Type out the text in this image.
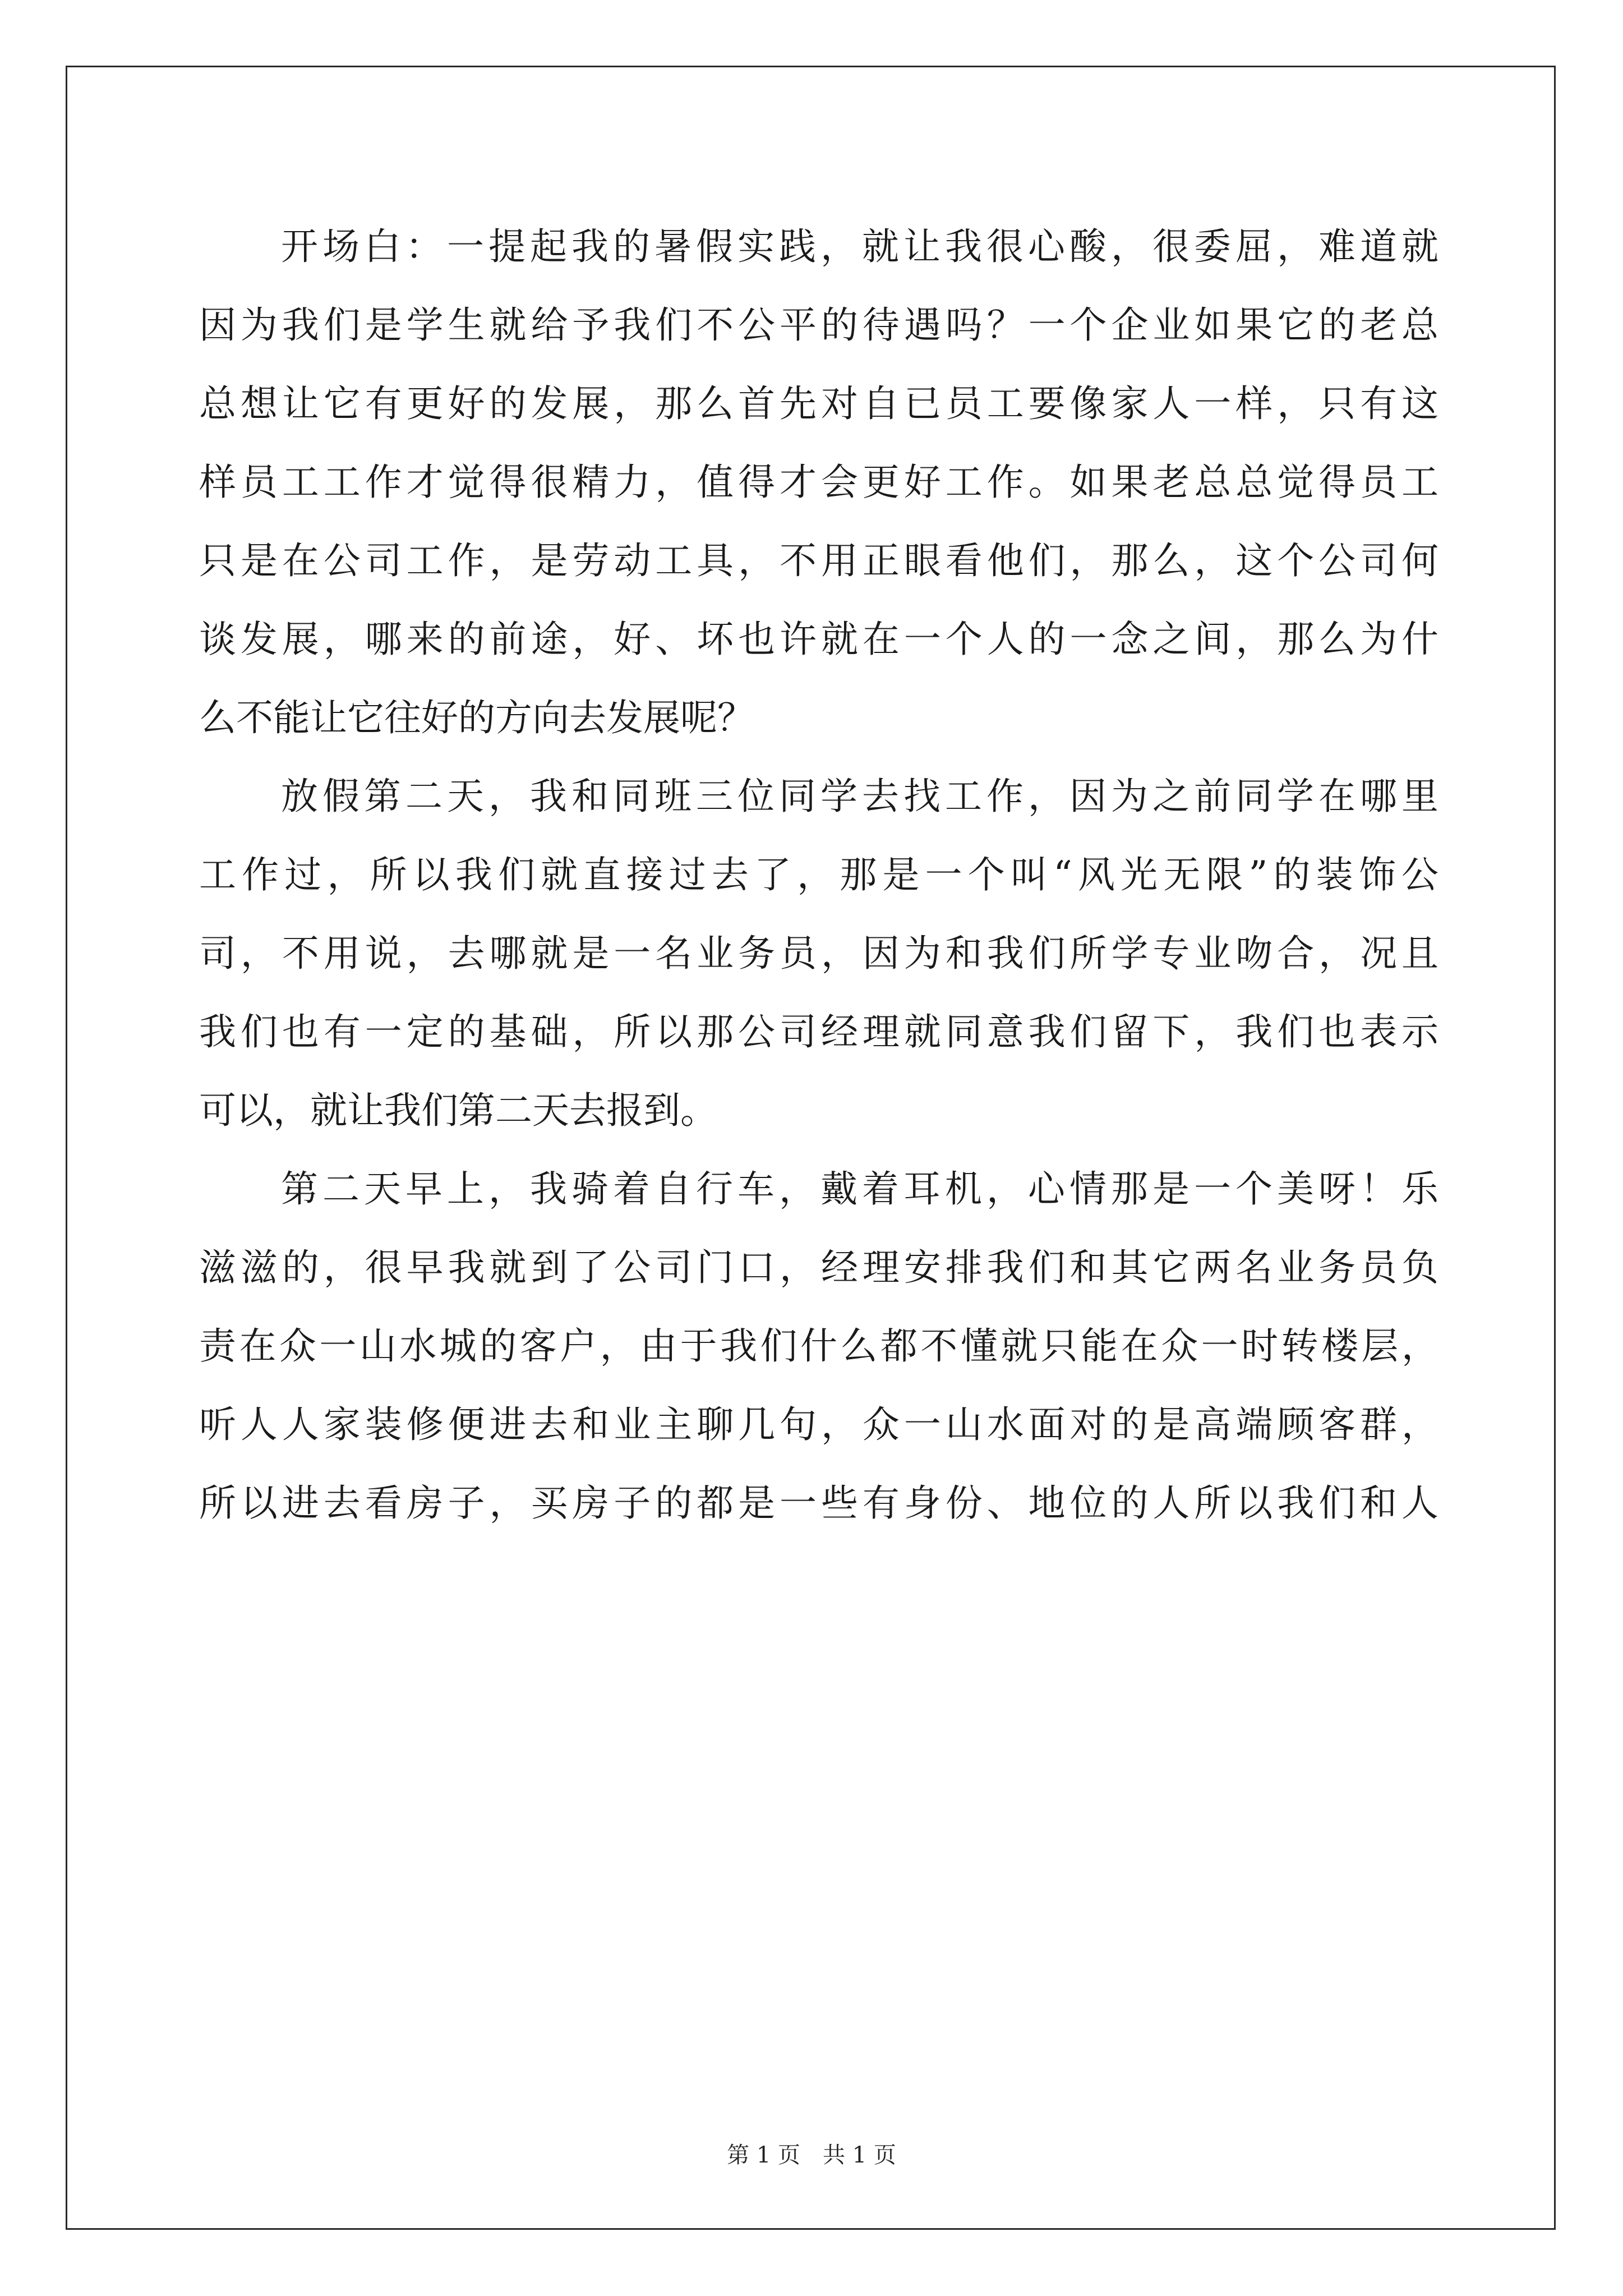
开场白：一提起我的暑假实践，就让我很心酸，很委屈，难道就
因为我们是学生就给予我们不公平的待遇吗？一个企业如果它的老总
总想让它有更好的发展，那么首先对自已员工要像家人一样，只有这
样员工工作才觉得很精力，值得才会更好工作。如果老总总觉得员工
只是在公司工作，是劳动工具，不用正眼看他们，那么，这个公司何
谈发展，哪来的前途，好、坏也许就在一个人的一念之间，那么为什
么不能让它往好的方向去发展呢？
放假第二天，我和同班三位同学去找工作，因为之前同学在哪里
工作过，所以我们就直接过去了，那是一个叫“风光无限”的装饰公
司，不用说，去哪就是一名业务员，因为和我们所学专业吻合，况且
我们也有一定的基础，所以那公司经理就同意我们留下，我们也表示
可以，就让我们第二天去报到。
第二天早上，我骑着自行车，戴着耳机，心情那是一个美呀！乐
滋滋的，很早我就到了公司门口，经理安排我们和其它两名业务员负
责在众一山水城的客户，由于我们什么都不懂就只能在众一时转楼层，
听人人家装修便进去和业主聊几句，众一山水面对的是高端顾客群，
所以进去看房子，买房子的都是一些有身份、地位的人所以我们和人
第 1 页　共 1 页
